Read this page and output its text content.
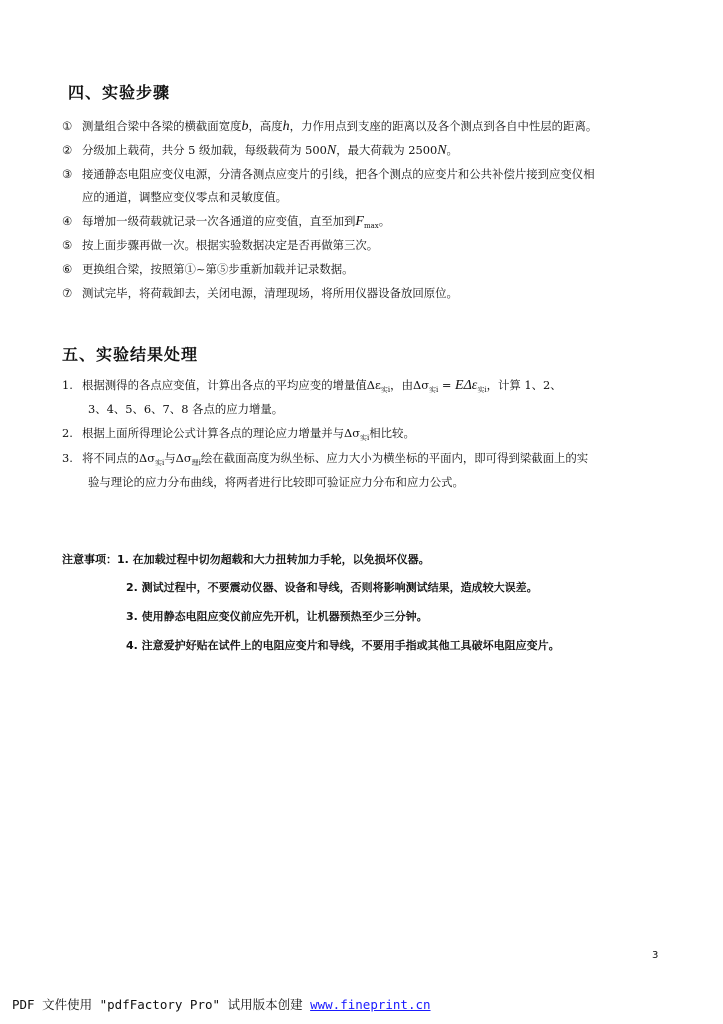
四、实验步骤
① 测量组合梁中各梁的横截面宽度b，高度h，力作用点到支座的距离以及各个测点到各自中性层的距离。
② 分级加上载荷，共分 5 级加载，每级载荷为 500N，最大荷载为 2500N。
③ 接通静态电阻应变仪电源，分清各测点应变片的引线，把各个测点的应变片和公共补偿片接到应变仪相
应的通道，调整应变仪零点和灵敏度值。
④ 每增加一级荷载就记录一次各通道的应变值，直至加到$F_{max}$。
⑤ 按上面步骤再做一次。根据实验数据决定是否再做第三次。
⑥ 更换组合梁，按照第①~第⑤步重新加载并记录数据。
⑦ 测试完毕，将荷载卸去，关闭电源，清理现场，将所用仪器设备放回原位。
五、实验结果处理
1. 根据测得的各点应变值，计算出各点的平均应变的增量值$\Delta\varepsilon_{实i}$，由$\Delta\sigma_{实i} = E\Delta\varepsilon_{实i}$，计算 1、2、
3、4、5、6、7、8 各点的应力增量。
2. 根据上面所得理论公式计算各点的理论应力增量并与$\Delta\sigma_{实i}$相比较。
3. 将不同点的$\Delta\sigma_{实i}$与$\Delta\sigma_{理i}$绘在截面高度为纵坐标、应力大小为横坐标的平面内，即可得到梁截面上的实
验与理论的应力分布曲线，将两者进行比较即可验证应力分布和应力公式。
注意事项：1. 在加载过程中切勿超载和大力扭转加力手轮，以免损坏仪器。
2. 测试过程中，不要震动仪器、设备和导线，否则将影响测试结果，造成较大误差。
3. 使用静态电阻应变仪前应先开机，让机器预热至少三分钟。
4. 注意爱护好贴在试件上的电阻应变片和导线，不要用手指或其他工具破坏电阻应变片。
3
PDF 文件使用 "pdfFactory Pro" 试用版本创建 www.fineprint.cn
